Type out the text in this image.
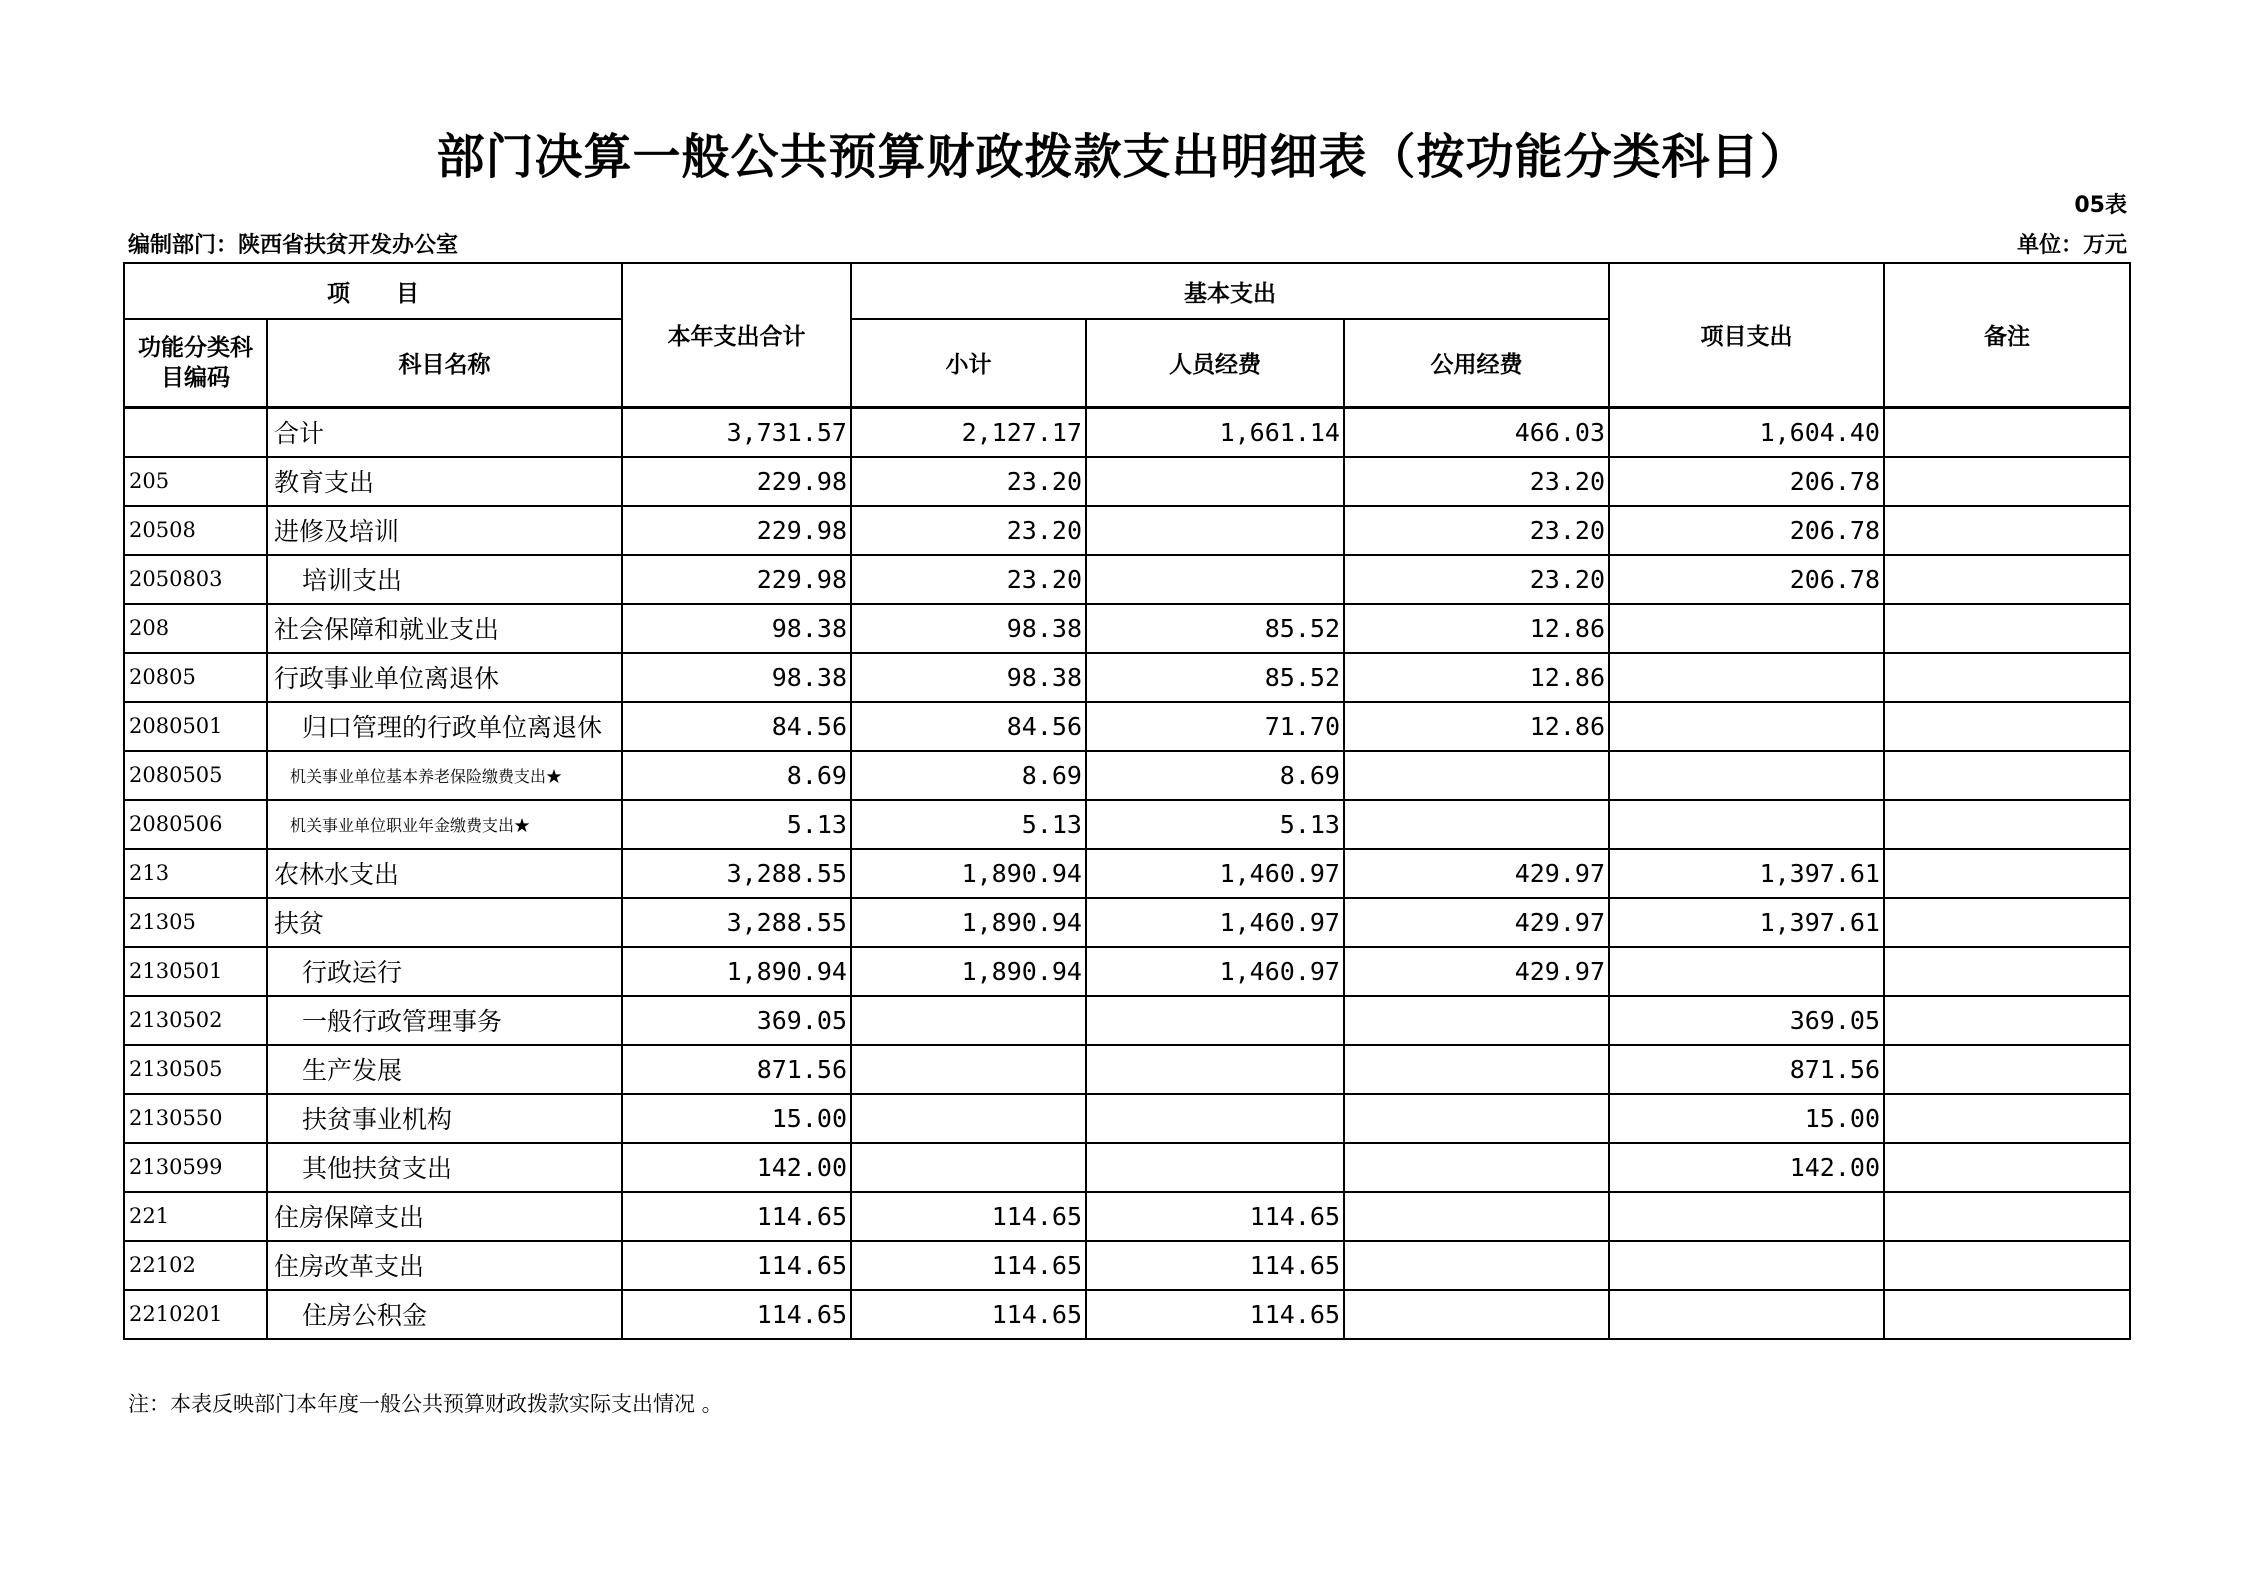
部门决算一般公共预算财政拨款支出明细表（按功能分类科目）
05表
编制部门：陕西省扶贫开发办公室	单位：万元
项　　目		本年支出合计	基本支出			项目支出	备注
功能分类科目编码	科目名称		小计	人员经费	公用经费		
	合计	3,731.57	2,127.17	1,661.14	466.03	1,604.40	
205	教育支出	229.98	23.20		23.20	206.78	
20508	进修及培训	229.98	23.20		23.20	206.78	
2050803	培训支出	229.98	23.20		23.20	206.78	
208	社会保障和就业支出	98.38	98.38	85.52	12.86		
20805	行政事业单位离退休	98.38	98.38	85.52	12.86		
2080501	归口管理的行政单位离退休	84.56	84.56	71.70	12.86		
2080505	机关事业单位基本养老保险缴费支出★	8.69	8.69	8.69			
2080506	机关事业单位职业年金缴费支出★	5.13	5.13	5.13			
213	农林水支出	3,288.55	1,890.94	1,460.97	429.97	1,397.61	
21305	扶贫	3,288.55	1,890.94	1,460.97	429.97	1,397.61	
2130501	行政运行	1,890.94	1,890.94	1,460.97	429.97		
2130502	一般行政管理事务	369.05				369.05	
2130505	生产发展	871.56				871.56	
2130550	扶贫事业机构	15.00				15.00	
2130599	其他扶贫支出	142.00				142.00	
221	住房保障支出	114.65	114.65	114.65			
22102	住房改革支出	114.65	114.65	114.65			
2210201	住房公积金	114.65	114.65	114.65			
注：本表反映部门本年度一般公共预算财政拨款实际支出情况 。
